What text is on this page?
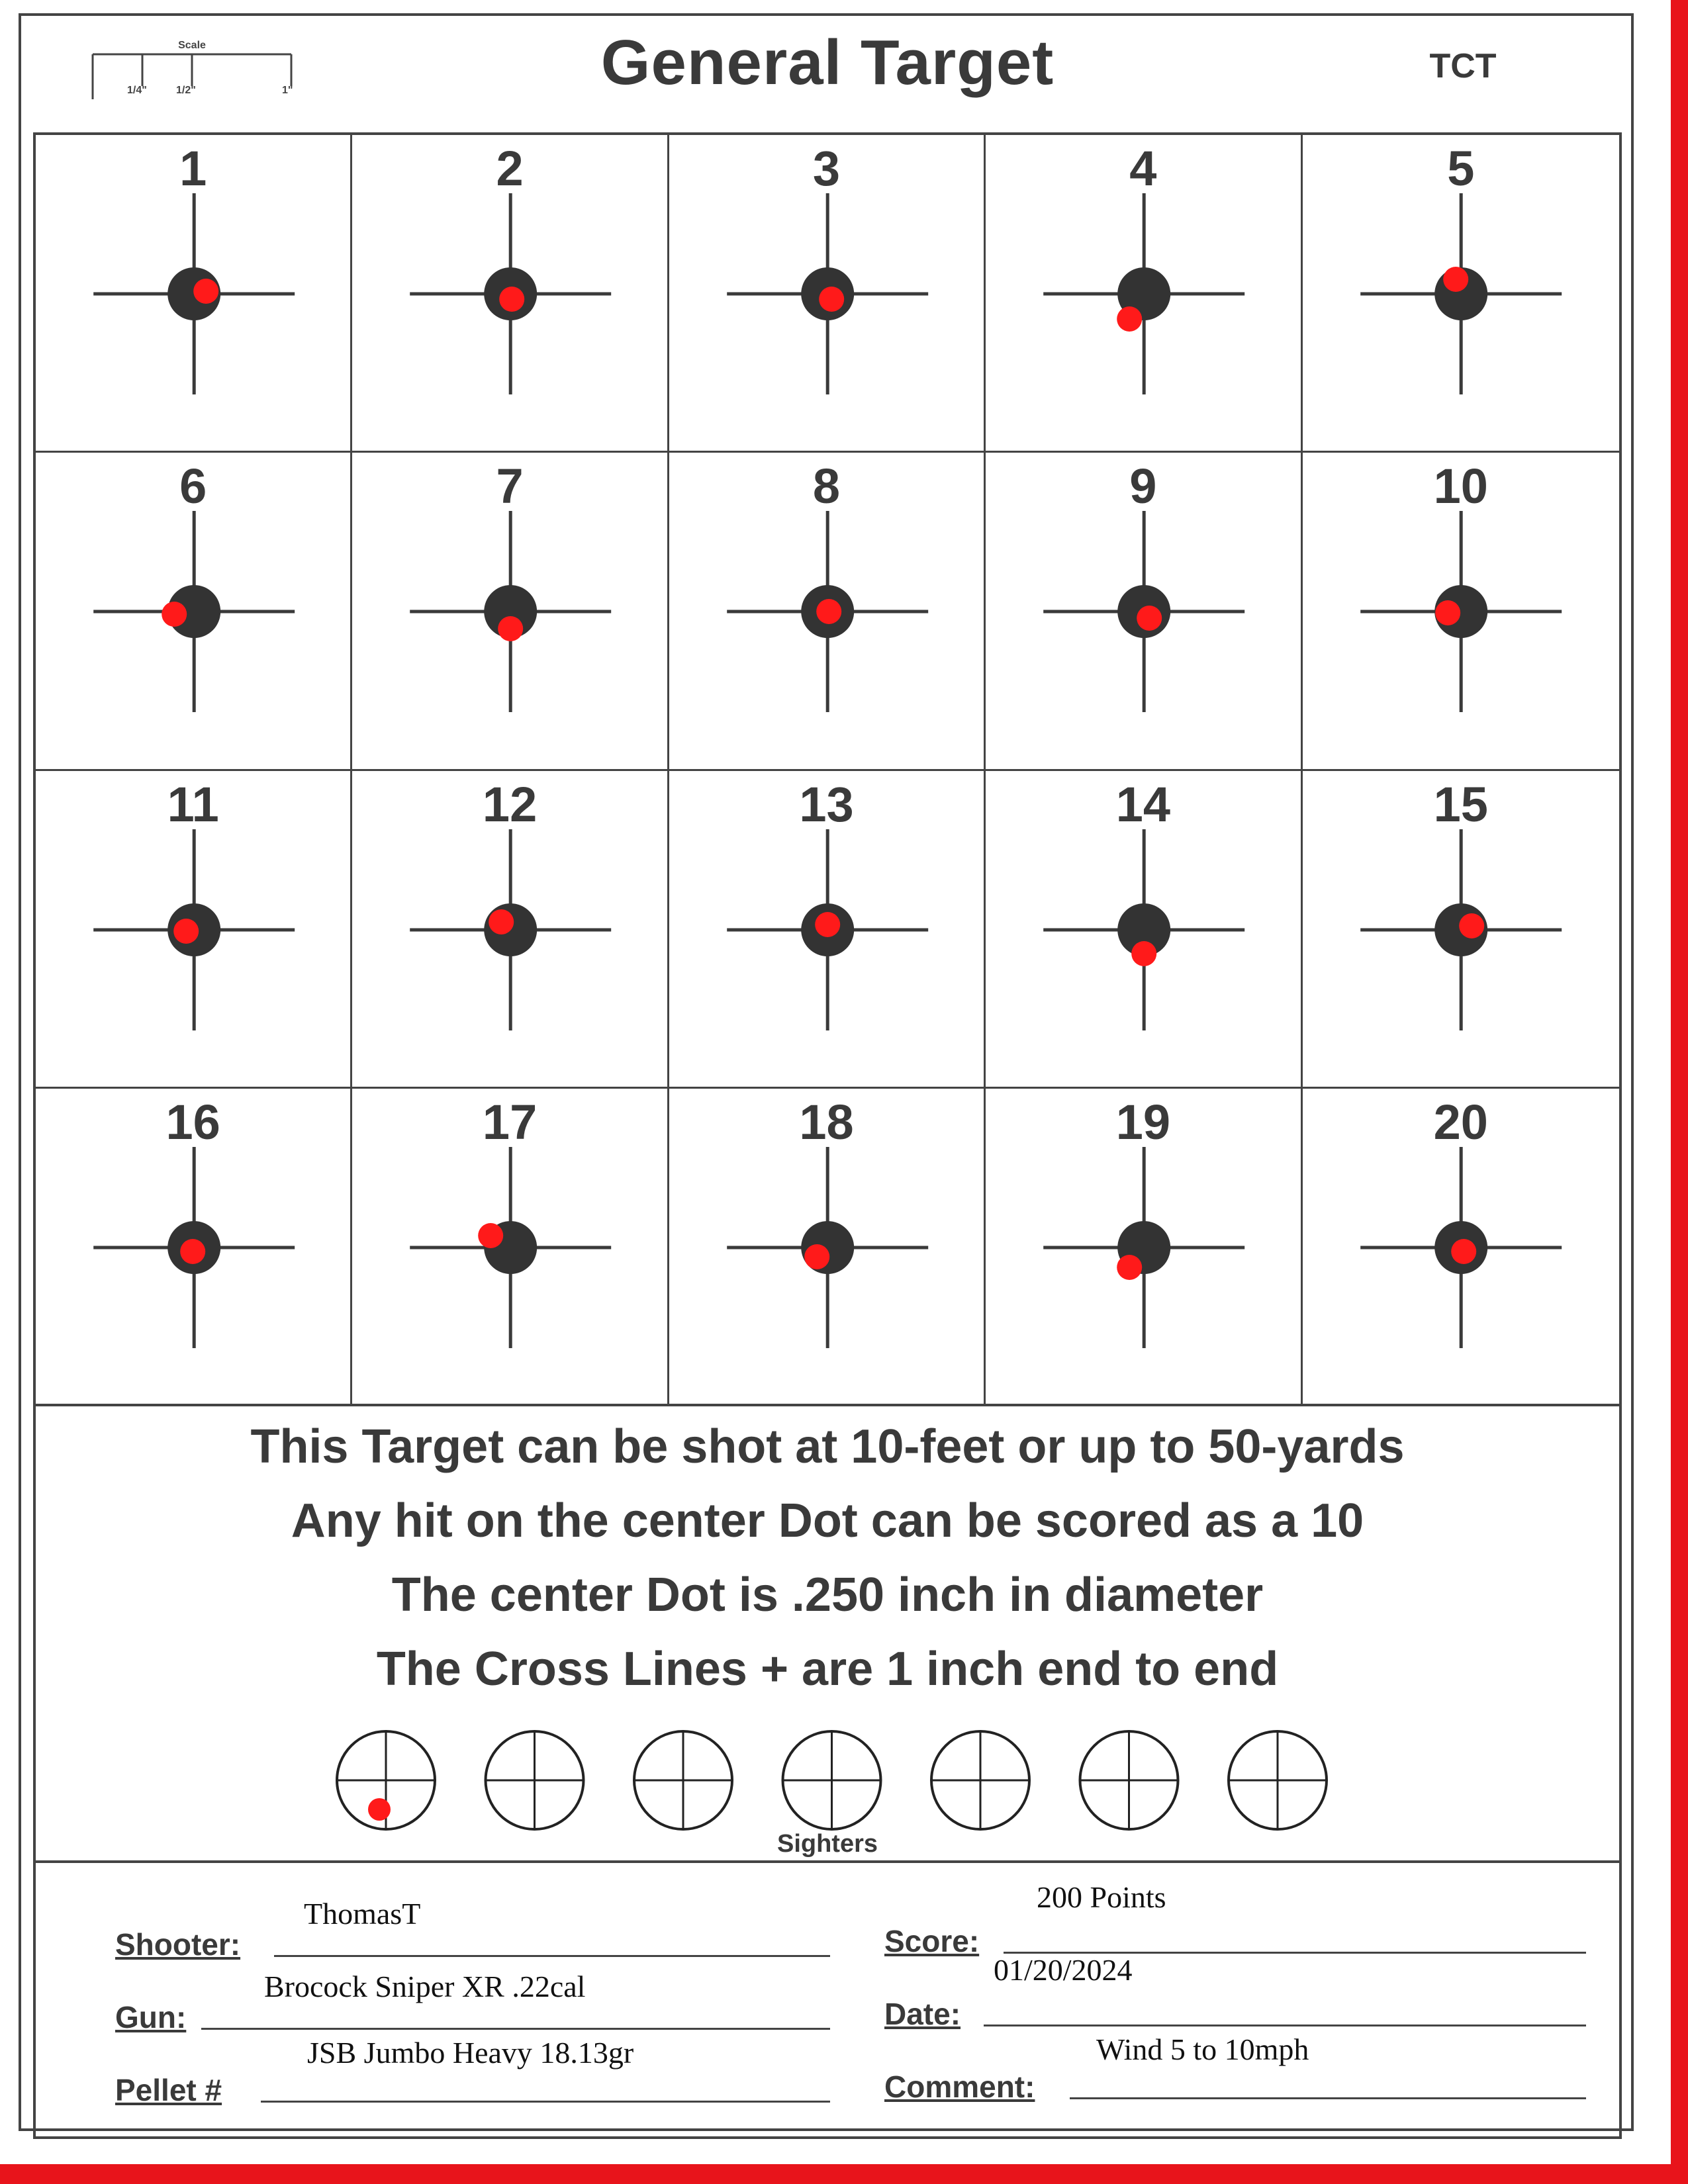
Scale
1/4"	1/2"	1"	General Target	TCT
1	2	3	4	5
6	7	8	9	10
11	12	13	14	15
16	17	18	19	20
This Target can be shot at 10-feet or up to 50-yards
Any hit on the center Dot can be scored as a 10
The center Dot is .250 inch in diameter
The Cross Lines + are 1 inch end to end
Sighters
Shooter:
ThomasT
Gun:
Brocock Sniper XR .22cal
Pellet #
JSB Jumbo Heavy 18.13gr
Score:
200 Points
Date:
01/20/2024
Comment:
Wind 5 to 10mph
